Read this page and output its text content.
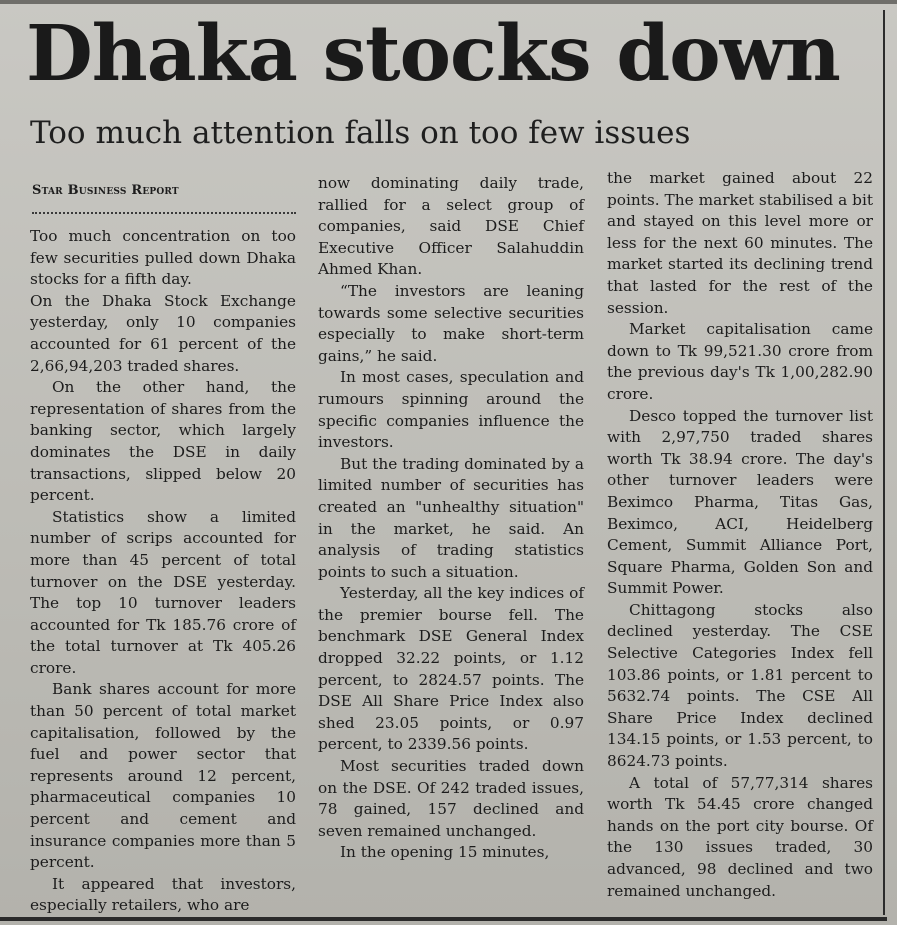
Dhaka stocks down
Too much attention falls on too few issues
Star Business Report

Too much concentration on too few securities pulled down Dhaka stocks for a fifth day.

On the Dhaka Stock Exchange yesterday, only 10 companies accounted for 61 percent of the 2,66,94,203 traded shares.

On the other hand, the representation of shares from the banking sector, which largely dominates the DSE in daily transactions, slipped below 20 percent.

Statistics show a limited number of scrips accounted for more than 45 percent of total turnover on the DSE yesterday. The top 10 turnover leaders accounted for Tk 185.76 crore of the total turnover at Tk 405.26 crore.

Bank shares account for more than 50 percent of total market capitalisation, followed by the fuel and power sector that represents around 12 percent, pharmaceutical companies 10 percent and cement and insurance companies more than 5 percent.

It appeared that investors, especially retailers, who are

now dominating daily trade, rallied for a select group of companies, said DSE Chief Executive Officer Salahuddin Ahmed Khan.

“The investors are leaning towards some selective securities especially to make short-term gains,” he said.

In most cases, speculation and rumours spinning around the specific companies influence the investors.

But the trading dominated by a limited number of securities has created an "unhealthy situation" in the market, he said. An analysis of trading statistics points to such a situation.

Yesterday, all the key indices of the premier bourse fell. The benchmark DSE General Index dropped 32.22 points, or 1.12 percent, to 2824.57 points. The DSE All Share Price Index also shed 23.05 points, or 0.97 percent, to 2339.56 points.

Most securities traded down on the DSE. Of 242 traded issues, 78 gained, 157 declined and seven remained unchanged.

In the opening 15 minutes,

the market gained about 22 points. The market stabilised a bit and stayed on this level more or less for the next 60 minutes. The market started its declining trend that lasted for the rest of the session.

Market capitalisation came down to Tk 99,521.30 crore from the previous day's Tk 1,00,282.90 crore.

Desco topped the turnover list with 2,97,750 traded shares worth Tk 38.94 crore. The day's other turnover leaders were Beximco Pharma, Titas Gas, Beximco, ACI, Heidelberg Cement, Summit Alliance Port, Square Pharma, Golden Son and Summit Power.

Chittagong stocks also declined yesterday. The CSE Selective Categories Index fell 103.86 points, or 1.81 percent to 5632.74 points. The CSE All Share Price Index declined 134.15 points, or 1.53 percent, to 8624.73 points.

A total of 57,77,314 shares worth Tk 54.45 crore changed hands on the port city bourse. Of the 130 issues traded, 30 advanced, 98 declined and two remained unchanged.
